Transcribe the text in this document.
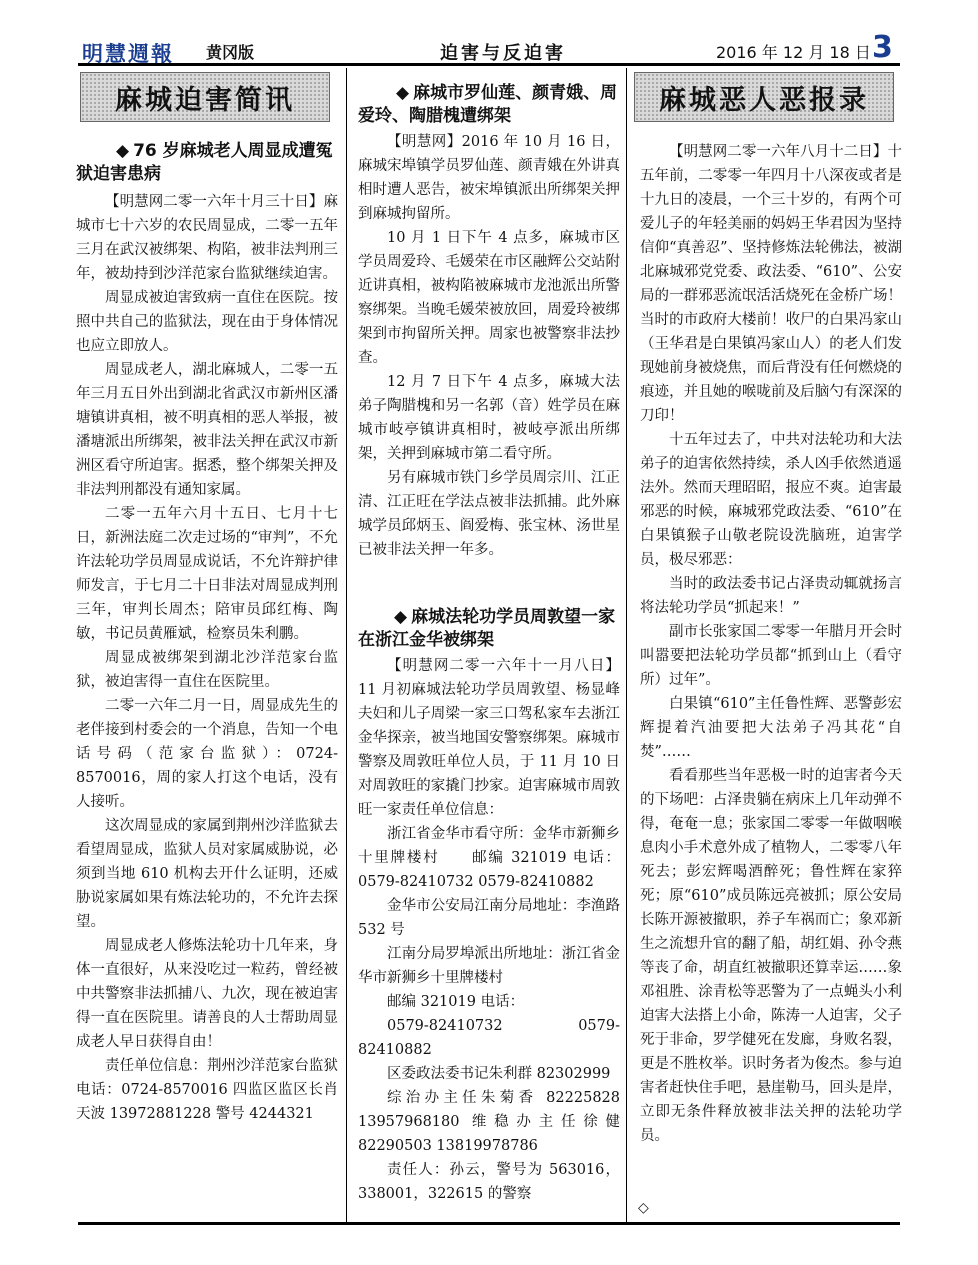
明慧週報 黄冈版	迫害与反迫害	2016 年 12 月 18 日 3
麻城迫害简讯
◆ 76 岁麻城老人周显成遭冤狱迫害患病

【明慧网二零一六年十月三十日】麻城市七十六岁的农民周显成，二零一五年三月在武汉被绑架、构陷，被非法判刑三年，被劫持到沙洋范家台监狱继续迫害。

周显成被迫害致病一直住在医院。按照中共自己的监狱法，现在由于身体情况也应立即放人。

周显成老人，湖北麻城人，二零一五年三月五日外出到湖北省武汉市新州区潘塘镇讲真相，被不明真相的恶人举报，被潘塘派出所绑架，被非法关押在武汉市新洲区看守所迫害。据悉，整个绑架关押及非法判刑都没有通知家属。

二零一五年六月十五日、七月十七日，新洲法庭二次走过场的“审判”，不允许法轮功学员周显成说话，不允许辩护律师发言，于七月二十日非法对周显成判刑三年，审判长周杰；陪审员邱红梅、陶敏，书记员黄雁斌，检察员朱利鹏。

周显成被绑架到湖北沙洋范家台监狱，被迫害得一直住在医院里。

二零一六年二月一日，周显成先生的老伴接到村委会的一个消息，告知一个电话号码（范家台监狱）：0724-8570016，周的家人打这个电话，没有人接听。

这次周显成的家属到荆州沙洋监狱去看望周显成，监狱人员对家属威胁说，必须到当地 610 机构去开什么证明，还威胁说家属如果有炼法轮功的，不允许去探望。

周显成老人修炼法轮功十几年来，身体一直很好，从来没吃过一粒药，曾经被中共警察非法抓捕八、九次，现在被迫害得一直在医院里。请善良的人士帮助周显成老人早日获得自由！

责任单位信息：荆州沙洋范家台监狱电话：0724-8570016 四监区监区长肖天波 13972881228 警号 4244321

◆ 麻城市罗仙莲、颜青娥、周爱玲、陶腊槐遭绑架

【明慧网】2016 年 10 月 16 日，麻城宋埠镇学员罗仙莲、颜青娥在外讲真相时遭人恶告，被宋埠镇派出所绑架关押到麻城拘留所。

10 月 1 日下午 4 点多，麻城市区学员周爱玲、毛媛荣在市区融辉公交站附近讲真相，被构陷被麻城市龙池派出所警察绑架。当晚毛媛荣被放回，周爱玲被绑架到市拘留所关押。周家也被警察非法抄查。

12 月 7 日下午 4 点多，麻城大法弟子陶腊槐和另一名郭（音）姓学员在麻城市岐亭镇讲真相时，被岐亭派出所绑架，关押到麻城市第二看守所。

另有麻城市铁门乡学员周宗川、江正清、江正旺在学法点被非法抓捕。此外麻城学员邱炳玉、阎爱梅、张宝林、汤世星已被非法关押一年多。

◆ 麻城法轮功学员周敦望一家在浙江金华被绑架

【明慧网二零一六年十一月八日】11 月初麻城法轮功学员周敦望、杨显峰夫妇和儿子周梁一家三口驾私家车去浙江金华探亲，被当地国安警察绑架。麻城市警察及周敦旺单位人员，于 11 月 10 日对周敦旺的家撬门抄家。迫害麻城市周敦旺一家责任单位信息：

浙江省金华市看守所：金华市新狮乡十里牌楼村　　邮编 321019 电话：0579-82410732 0579-82410882

金华市公安局江南分局地址：李渔路 532 号

江南分局罗埠派出所地址：浙江省金华市新狮乡十里牌楼村

邮编 321019 电话：

0579-82410732 0579-82410882

区委政法委书记朱利群 82302999

综治办主任朱菊香 82225828 13957968180 维稳办主任徐健 82290503 13819978786

责任人：孙云，警号为 563016，338001，322615 的警察

麻城恶人恶报录

【明慧网二零一六年八月十二日】十五年前，二零零一年四月十八深夜或者是十九日的凌晨，一个三十岁的，有两个可爱儿子的年轻美丽的妈妈王华君因为坚持信仰“真善忍”、坚持修炼法轮佛法，被湖北麻城邪党党委、政法委、“610”、公安局的一群邪恶流氓活活烧死在金桥广场！当时的市政府大楼前！收尸的白果冯家山（王华君是白果镇冯家山人）的老人们发现她前身被烧焦，而后背没有任何燃烧的痕迹，并且她的喉咙前及后脑勺有深深的刀印！

十五年过去了，中共对法轮功和大法弟子的迫害依然持续，杀人凶手依然逍遥法外。然而天理昭昭，报应不爽。迫害最邪恶的时候，麻城邪党政法委、“610”在白果镇猴子山敬老院设洗脑班，迫害学员，极尽邪恶：

当时的政法委书记占泽贵动辄就扬言将法轮功学员“抓起来！”

副市长张家国二零零一年腊月开会时叫嚣要把法轮功学员都“抓到山上（看守所）过年”。

白果镇“610”主任鲁性辉、恶警彭宏辉提着汽油要把大法弟子冯其花“自焚”……

看看那些当年恶极一时的迫害者今天的下场吧：占泽贵躺在病床上几年动弹不得，奄奄一息；张家国二零零一年做咽喉息肉小手术意外成了植物人，二零零八年死去；彭宏辉喝酒醉死；鲁性辉在家猝死；原“610”成员陈远亮被抓；原公安局长陈开源被撤职，养子车祸而亡；象邓新生之流想升官的翻了船，胡红娟、孙令燕等丧了命，胡直红被撤职还算幸运……象邓祖胜、涂青松等恶警为了一点蝇头小利迫害大法搭上小命，陈涛一人迫害，父子死于非命，罗学健死在发廊，身败名裂，更是不胜枚举。识时务者为俊杰。参与迫害者赶快住手吧，悬崖勒马，回头是岸，立即无条件释放被非法关押的法轮功学员。

◇
